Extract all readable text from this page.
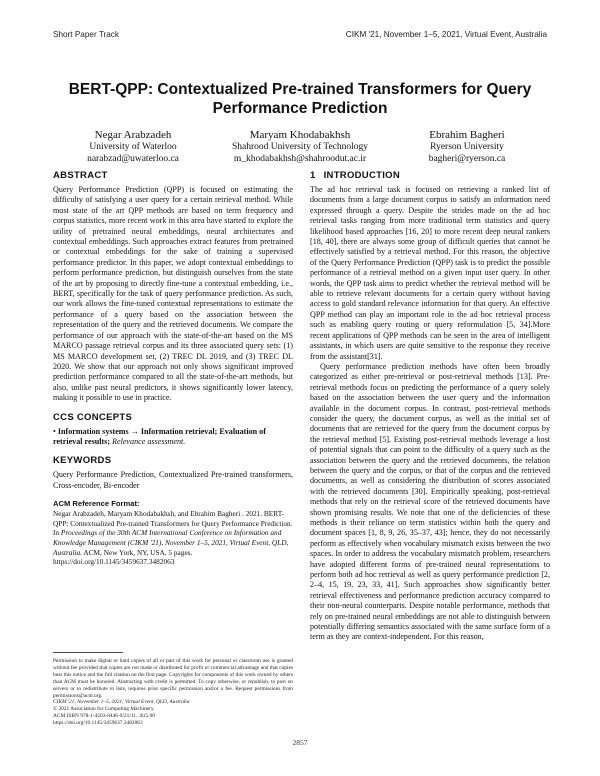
Short Paper Track	CIKM '21, November 1–5, 2021, Virtual Event, Australia
BERT-QPP: Contextualized Pre-trained Transformers for Query Performance Prediction
Negar Arabzadeh
University of Waterloo
narabzad@uwaterloo.ca
Maryam Khodabakhsh
Shahrood University of Technology
m_khodabakhsh@shahroodut.ac.ir
Ebrahim Bagheri
Ryerson University
bagheri@ryerson.ca
ABSTRACT

Query Performance Prediction (QPP) is focused on estimating the difficulty of satisfying a user query for a certain retrieval method. While most state of the art QPP methods are based on term frequency and corpus statistics, more recent work in this area have started to explore the utility of pretrained neural embeddings, neural architectures and contextual embeddings. Such approaches extract features from pretrained or contextual embeddings for the sake of training a supervised performance predictor. In this paper, we adopt contextual embeddings to perform performance prediction, but distinguish ourselves from the state of the art by proposing to directly fine-tune a contextual embedding, i.e., BERT, specifically for the task of query performance prediction. As such, our work allows the fine-tuned contextual representations to estimate the performance of a query based on the association between the representation of the query and the retrieved documents. We compare the performance of our approach with the state-of-the-art based on the MS MARCO passage retrieval corpus and its three associated query sets: (1) MS MARCO development set, (2) TREC DL 2019, and (3) TREC DL 2020. We show that our approach not only shows significant improved prediction performance compared to all the state-of-the-art methods, but also, unlike past neural predictors, it shows significantly lower latency, making it possible to use in practice.

CCS CONCEPTS
• Information systems → Information retrieval; Evaluation of retrieval results; Relevance assessment.
KEYWORDS

Query Performance Prediction, Contextualized Pre-trained transformers, Cross-encoder, Bi-encoder

ACM Reference Format:
Negar Arabzadeh, Maryam Khodabakhsh, and Ebrahim Bagheri . 2021. BERT-QPP: Contextualized Pre-trained Transformers for Query Performance Prediction. In Proceedings of the 30th ACM International Conference on Information and Knowledge Management (CIKM '21), November 1–5, 2021, Virtual Event, QLD, Australia. ACM, New York, NY, USA, 5 pages. https://doi.org/10.1145/3459637.3482063
Permission to make digital or hard copies of all or part of this work for personal or classroom use is granted without fee provided that copies are not made or distributed for profit or commercial advantage and that copies bear this notice and the full citation on the first page. Copyrights for components of this work owned by others than ACM must be honored. Abstracting with credit is permitted. To copy otherwise, or republish, to post on servers or to redistribute to lists, requires prior specific permission and/or a fee. Request permissions from permissions@acm.org.
CIKM '21, November 1–5, 2021, Virtual Event, QLD, Australia
© 2021 Association for Computing Machinery.
ACM ISBN 978-1-4503-8446-9/21/11...$15.00
https://doi.org/10.1145/3459637.3482063
1 INTRODUCTION

The ad hoc retrieval task is focused on retrieving a ranked list of documents from a large document corpus to satisfy an information need expressed through a query. Despite the strides made on the ad hoc retrieval tasks ranging from more traditional term statistics and query likelihood based approaches [16, 20] to more recent deep neural rankers [18, 40], there are always some group of difficult queries that cannot be effectively satisfied by a retrieval method. For this reason, the objective of the Query Performance Prediction (QPP) task is to predict the possible performance of a retrieval method on a given input user query. In other words, the QPP task aims to predict whether the retrieval method will be able to retrieve relevant documents for a certain query without having access to gold standard relevance information for that query. An effective QPP method can play an important role in the ad hoc retrieval process such as enabling query routing or query reformulation [5, 34].More recent applications of QPP methods can be seen in the area of intelligent assistants, in which users are quite sensitive to the response they receive from the assistant[31].

Query performance prediction methods have often been broadly categorized as either pre-retrieval or post-retrieval methods [13]. Pre-retrieval methods focus on predicting the performance of a query solely based on the association between the user query and the information available in the document corpus. In contrast, post-retrieval methods consider the query, the document corpus, as well as the initial set of documents that are retrieved for the query from the document corpus by the retrieval method [5]. Existing post-retrieval methods leverage a host of potential signals that can point to the difficulty of a query such as the association between the query and the retrieved documents, the relation between the query and the corpus, or that of the corpus and the retrieved documents, as well as considering the distribution of scores associated with the retrieved documents [30]. Empirically speaking, post-retrieval methods that rely on the retrieval score of the retrieved documents have shown promising results. We note that one of the deficiencies of these methods is their reliance on term statistics within both the query and document spaces [1, 8, 9, 26, 35–37, 43]; hence, they do not necessarily perform as effectively when vocabulary mismatch exists between the two spaces. In order to address the vocabulary mismatch problem, researchers have adopted different forms of pre-trained neural representations to perform both ad hoc retrieval as well as query performance prediction [2, 2–4, 15, 19, 23, 33, 41]. Such approaches show significantly better retrieval effectiveness and performance prediction accuracy compared to their non-neural counterparts. Despite notable performance, methods that rely on pre-trained neural embeddings are not able to distinguish between potentially differing semantics associated with the same surface form of a term as they are context-independent. For this reason,

2857
